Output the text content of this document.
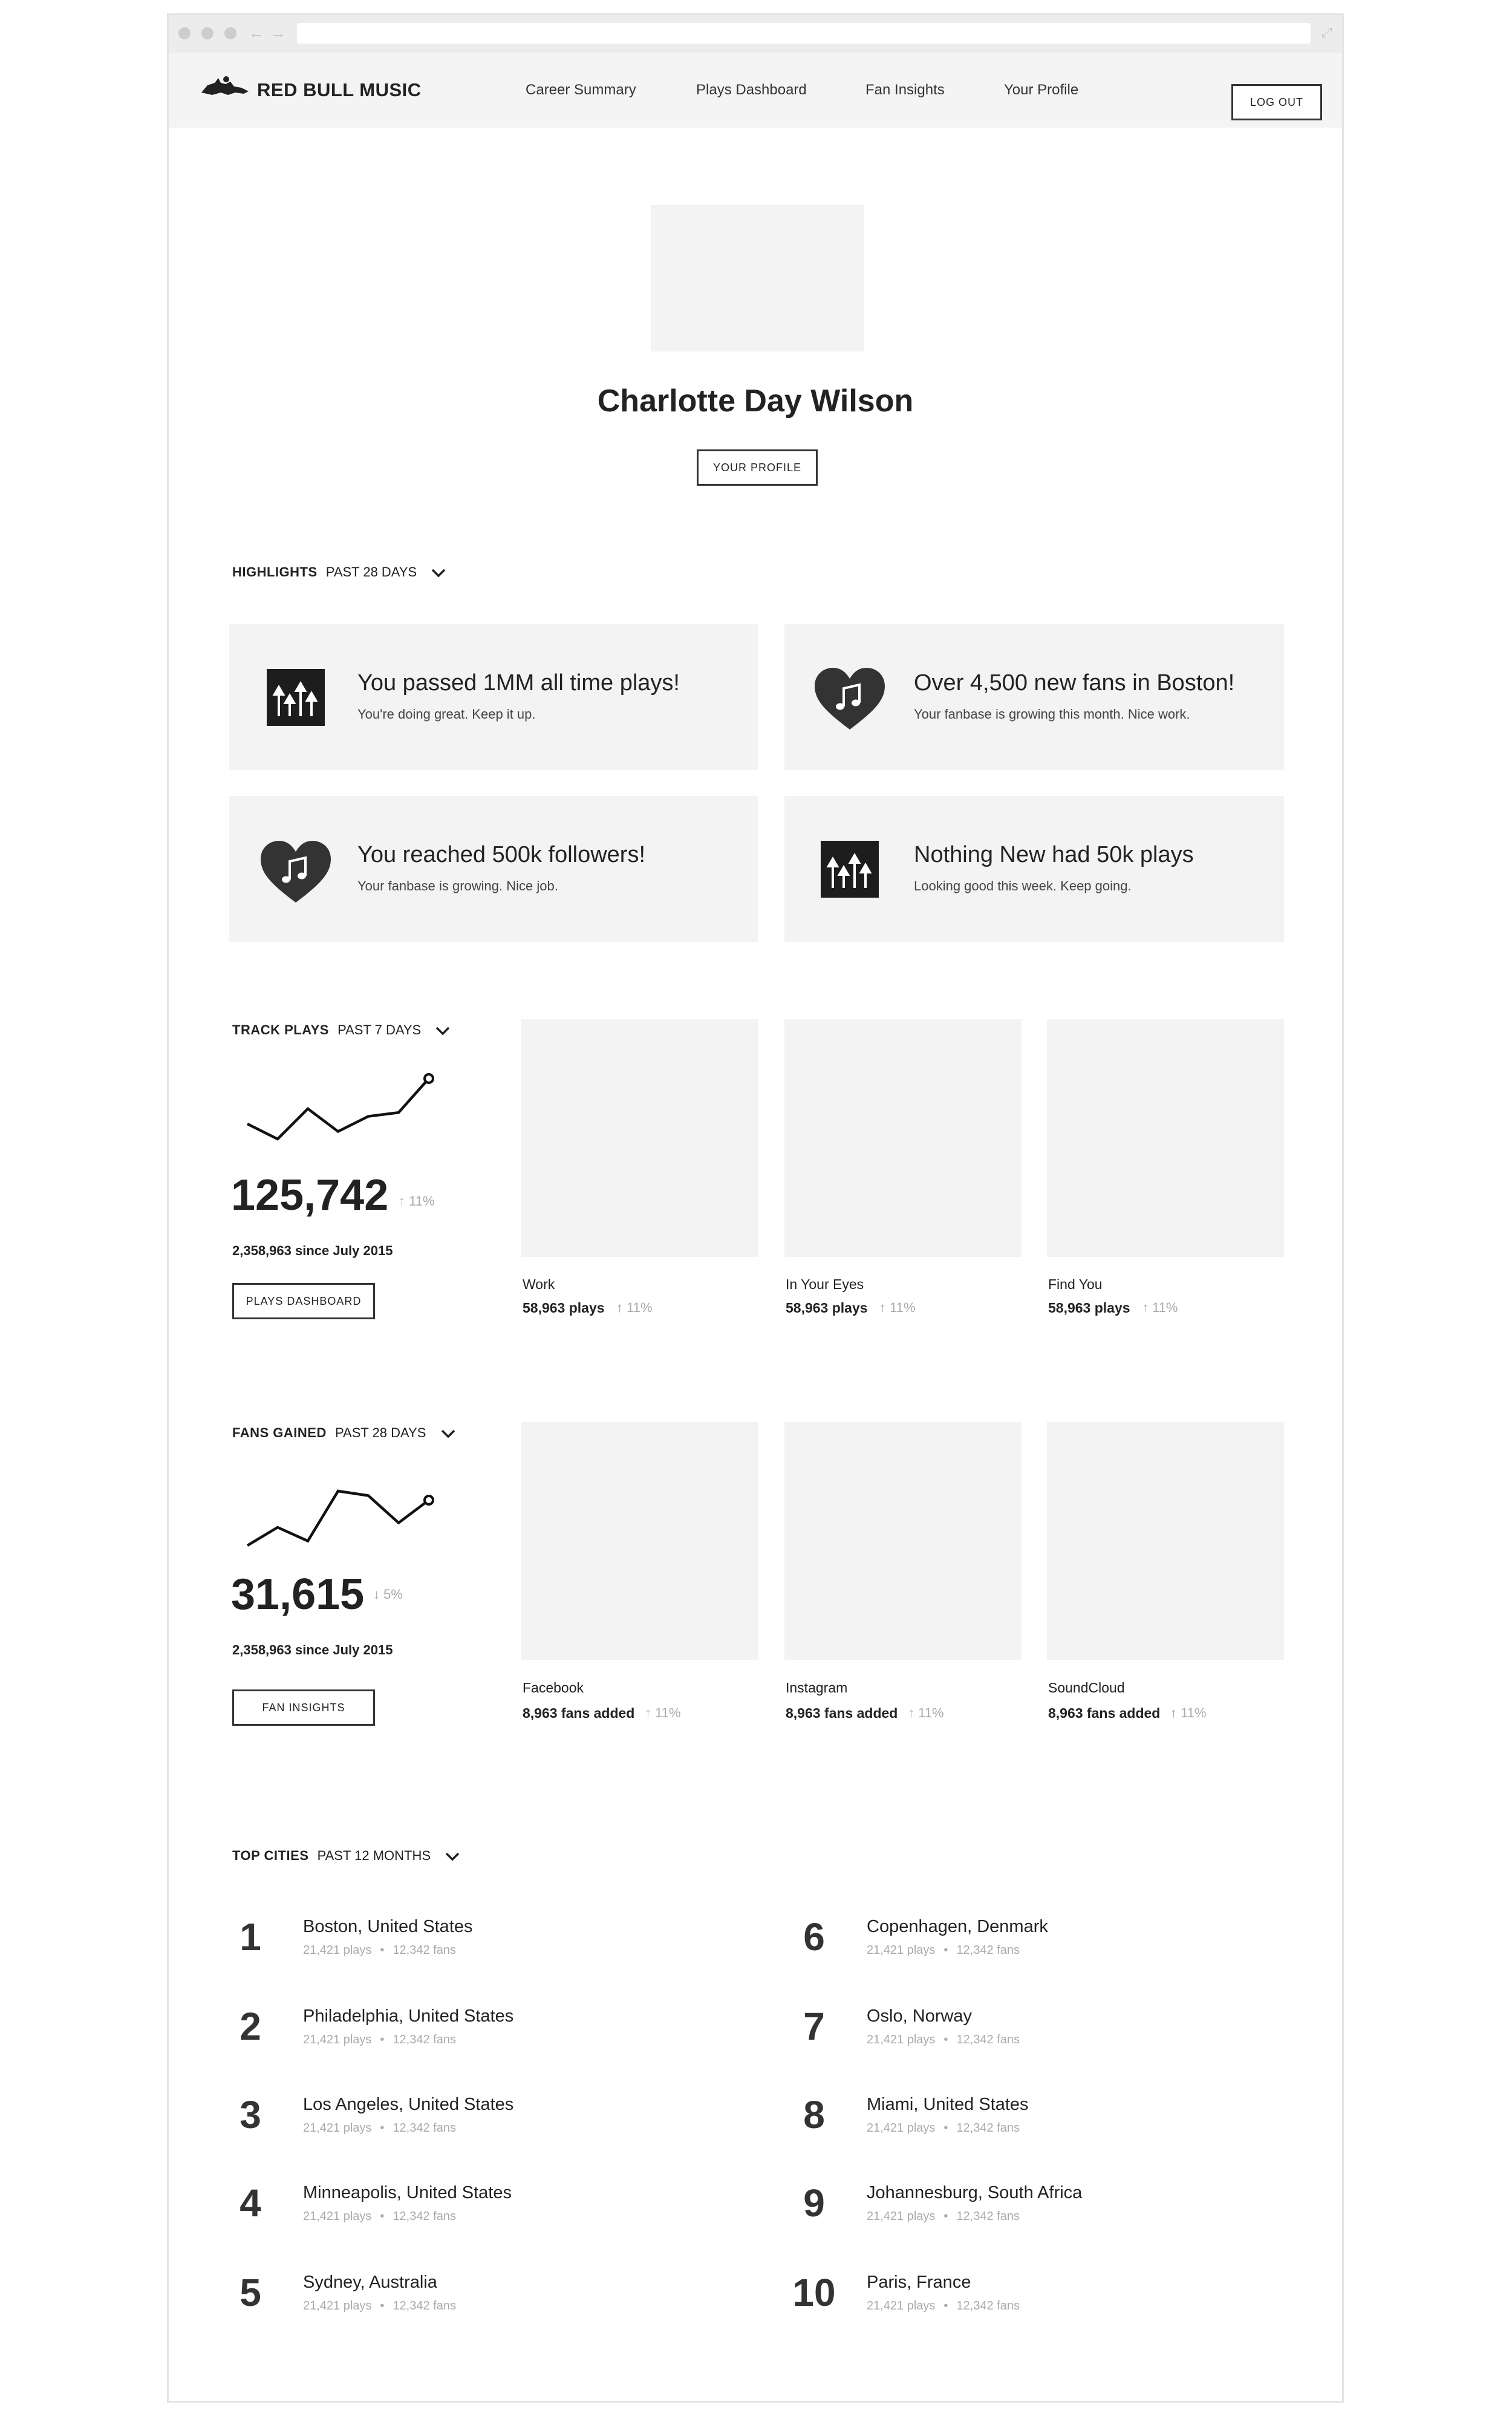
← →	⤢
RED BULL MUSIC	Career Summary	Plays Dashboard	Fan Insights	Your Profile
LOG OUT
Charlotte Day Wilson
YOUR PROFILE
HIGHLIGHTS PAST 28 DAYS
You passed 1MM all time plays!
You're doing great. Keep it up.
Over 4,500 new fans in Boston!
Your fanbase is growing this month. Nice work.
You reached 500k followers!
Your fanbase is growing. Nice job.
Nothing New had 50k plays
Looking good this week. Keep going.
TRACK PLAYS PAST 7 DAYS
125,742 ↑ 11%
2,358,963 since July 2015
PLAYS DASHBOARD
Work
58,963 plays ↑ 11%
In Your Eyes
58,963 plays ↑ 11%
Find You
58,963 plays ↑ 11%
FANS GAINED PAST 28 DAYS
31,615 ↓ 5%
2,358,963 since July 2015
FAN INSIGHTS
Facebook
8,963 fans added ↑ 11%
Instagram
8,963 fans added ↑ 11%
SoundCloud
8,963 fans added ↑ 11%
TOP CITIES PAST 12 MONTHS
1	Boston, United States
21,421 plays • 12,342 fans
2	Philadelphia, United States
21,421 plays • 12,342 fans
3	Los Angeles, United States
21,421 plays • 12,342 fans
4	Minneapolis, United States
21,421 plays • 12,342 fans
5	Sydney, Australia
21,421 plays • 12,342 fans
6	Copenhagen, Denmark
21,421 plays • 12,342 fans
7	Oslo, Norway
21,421 plays • 12,342 fans
8	Miami, United States
21,421 plays • 12,342 fans
9	Johannesburg, South Africa
21,421 plays • 12,342 fans
10	Paris, France
21,421 plays • 12,342 fans
